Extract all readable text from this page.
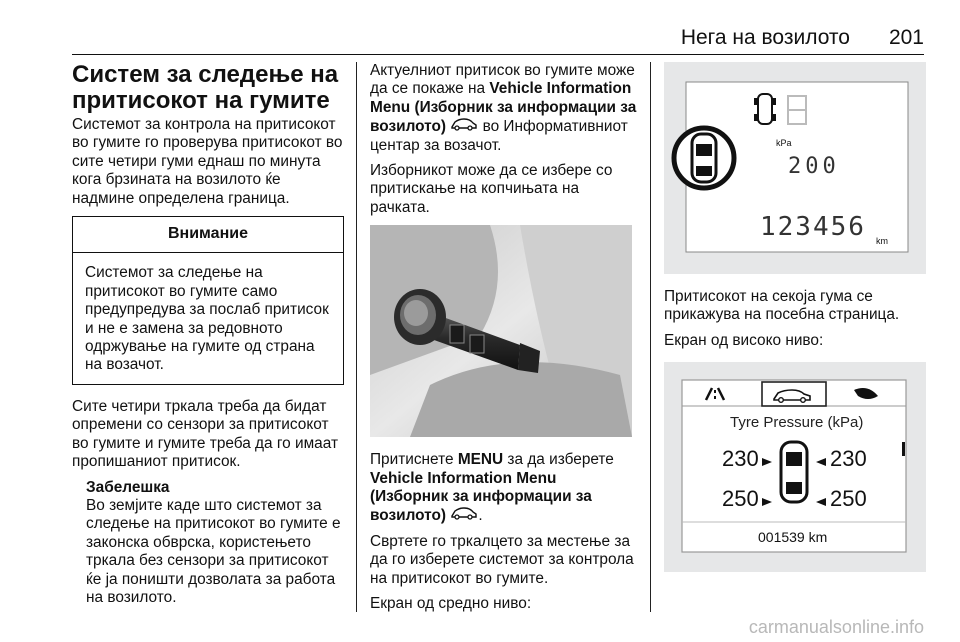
Нега на возилото 201
Систем за следење на притисокот на гумите

Системот за контрола на притисокот во гумите го проверува притисокот во сите четири гуми еднаш по минута кога брзината на возилото ќе надмине определена граница.

Внимание
Системот за следење на притисокот во гумите само предупредува за послаб притисок и не е замена за редовното одржување на гумите од страна на возачот.

Сите четири тркала треба да бидат опремени со сензори за притисокот во гумите и гумите треба да го имаат пропишаниот притисок.

Забелешка
Во земјите каде што системот за следење на притисокот во гумите е законска обврска, користењето тркала без сензори за притисокот ќе ја поништи дозволата за работа на возилото.

Актуелниот притисок во гумите може да се покаже на Vehicle Information Menu (Изборник за информации за возилото)  во Информативниот центар за возачот.

Изборникот може да се избере со притискање на копчињата на рачката.

Притиснете MENU за да изберете Vehicle Information Menu (Изборник за информации за возилото) .

Свртете го тркалцето за местење за да го изберете системот за контрола на притисокот во гумите.

Екран од средно ниво:

kPa
200
123456 km

Притисокот на секоја гума се прикажува на посебна страница.

Екран од високо ниво:

Tyre Pressure (kPa)
230	230
250	250
001539 km
carmanualsonline.info
